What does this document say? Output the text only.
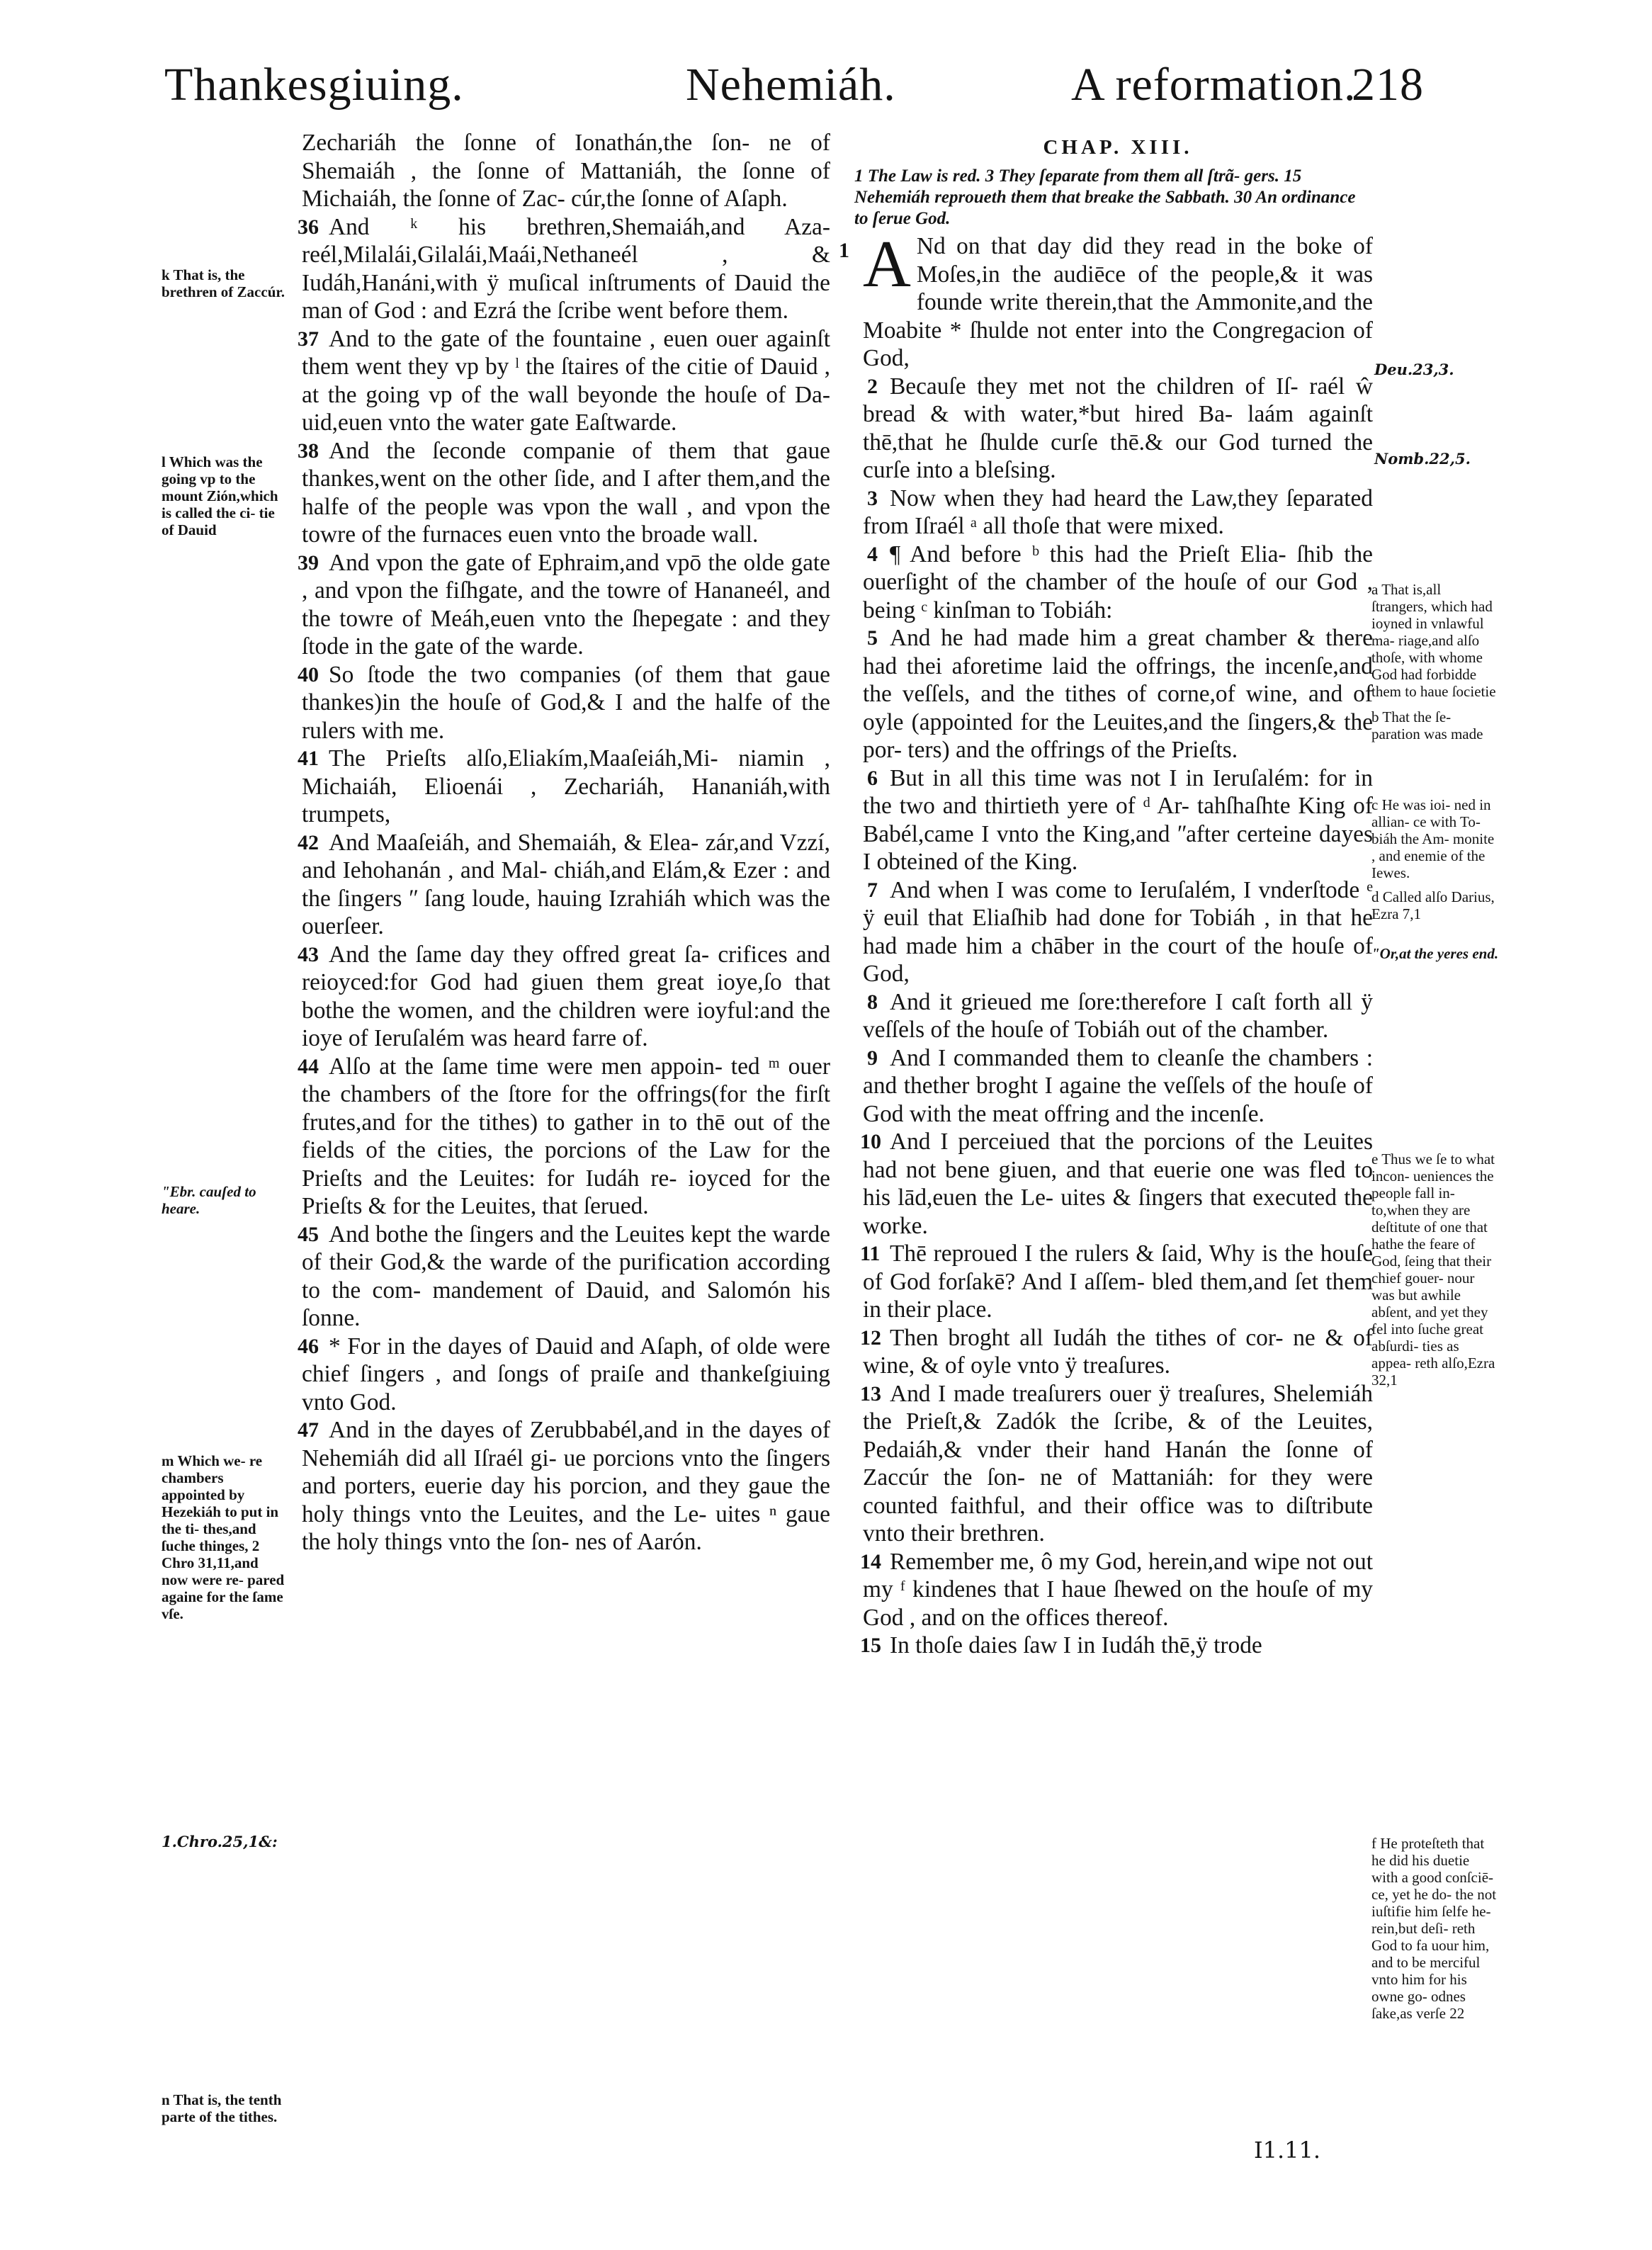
Thankesgiuing.	Nehemiáh.	A reformation.
218

Zechariáh the ſonne of Ionathán,the ſon- ne of Shemaiáh , the ſonne of Mattaniáh, the ſonne of Michaiáh, the ſonne of Zac- cúr,the ſonne of Aſaph.

36 And ᵏ his brethren,Shemaiáh,and Aza- reél,Milalái,Gilalái,Maái,Nethaneél , & Iudáh,Hanáni,with ÿ muſical inſtruments of Dauid the man of God : and Ezrá the ſcribe went before them.

37 And to the gate of the fountaine , euen ouer againſt them went they vp by ˡ the ſtaires of the citie of Dauid , at the going vp of the wall beyonde the houſe of Da- uid,euen vnto the water gate Eaſtwarde.

38 And the ſeconde companie of them that gaue thankes,went on the other ſide, and I after them,and the halfe of the people was vpon the wall , and vpon the towre of the furnaces euen vnto the broade wall.

39 And vpon the gate of Ephraim,and vpō the olde gate , and vpon the fiſhgate, and the towre of Hananeél, and the towre of Meáh,euen vnto the ſhepegate : and they ſtode in the gate of the warde.

40 So ſtode the two companies (of them that gaue thankes)in the houſe of God,& I and the halfe of the rulers with me.

41 The Prieſts alſo,Eliakím,Maaſeiáh,Mi- niamin , Michaiáh, Elioenái , Zechariáh, Hananiáh,with trumpets,

42 And Maaſeiáh, and Shemaiáh, & Elea- zár,and Vzzí, and Iehohanán , and Mal- chiáh,and Elám,& Ezer : and the ſingers ʺ ſang loude, hauing Izrahiáh which was the ouerſeer.

43 And the ſame day they offred great ſa- crifices and reioyced:for God had giuen them great ioye,ſo that bothe the women, and the children were ioyful:and the ioye of Ieruſalém was heard farre of.

44 Alſo at the ſame time were men appoin- ted ᵐ ouer the chambers of the ſtore for the offrings(for the firſt frutes,and for the tithes) to gather in to thē out of the fields of the cities, the porcions of the Law for the Prieſts and the Leuites: for Iudáh re- ioyced for the Prieſts & for the Leuites, that ſerued.

45 And bothe the ſingers and the Leuites kept the warde of their God,& the warde of the purification according to the com- mandement of Dauid, and Salomón his ſonne.

46 * For in the dayes of Dauid and Aſaph, of olde were chief ſingers , and ſongs of praiſe and thankeſgiuing vnto God.

47 And in the dayes of Zerubbabél,and in the dayes of Nehemiáh did all Iſraél gi- ue porcions vnto the ſingers and porters, euerie day his porcion, and they gaue the holy things vnto the Leuites, and the Le- uites ⁿ gaue the holy things vnto the ſon- nes of Aarón.

k That is, the brethren of Zaccúr.
l Which was the going vp to the mount Zión,which is called the ci- tie of Dauid
ʺEbr. cauſed to heare.
m Which we- re chambers appointed by Hezekiáh to put in the ti- thes,and ſuche thinges, 2 Chro 31,11,and now were re- pared againe for the ſame vſe.
1.Chro.25,1&:
n That is, the tenth parte of the tithes.

CHAP. XIII.

1 The Law is red. 3 They ſeparate from them all ſtrã- gers. 15 Nehemiáh reproueth them that breake the Sabbath. 30 An ordinance to ſerue God.

1 A Nd on that day did they read in the boke of Moſes,in the audiēce of the people,& it was founde write therein,that the Ammonite,and the Moabite * ſhulde not enter into the Congregacion of God,

2 Becauſe they met not the children of Iſ- raél ŵ bread & with water,*but hired Ba- laám againſt thē,that he ſhulde curſe thē.& our God turned the curſe into a bleſsing.

3 Now when they had heard the Law,they ſeparated from Iſraél ᵃ all thoſe that were mixed.

4 ¶ And before ᵇ this had the Prieſt Elia- ſhib the ouerſight of the chamber of the houſe of our God , being ᶜ kinſman to Tobiáh:

5 And he had made him a great chamber & there had thei aforetime laid the offrings, the incenſe,and the veſſels, and the tithes of corne,of wine, and of oyle (appointed for the Leuites,and the ſingers,& the por- ters) and the offrings of the Prieſts.

6 But in all this time was not I in Ieruſalém: for in the two and thirtieth yere of ᵈ Ar- tahſhaſhte King of Babél,came I vnto the King,and ʺafter certeine dayes I obteined of the King.

7 And when I was come to Ieruſalém, I vnderſtode ᵉ ÿ euil that Eliaſhib had done for Tobiáh , in that he had made him a chāber in the court of the houſe of God,

8 And it grieued me ſore:therefore I caſt forth all ÿ veſſels of the houſe of Tobiáh out of the chamber.

9 And I commanded them to cleanſe the chambers : and thether broght I againe the veſſels of the houſe of God with the meat offring and the incenſe.

10 And I perceiued that the porcions of the Leuites had not bene giuen, and that euerie one was fled to his lād,euen the Le- uites & ſingers that executed the worke.

11 Thē reproued I the rulers & ſaid, Why is the houſe of God forſakē? And I aſſem- bled them,and ſet them in their place.

12 Then broght all Iudáh the tithes of cor- ne & of wine, & of oyle vnto ÿ treaſures.

13 And I made treaſurers ouer ÿ treaſures, Shelemiáh the Prieſt,& Zadók the ſcribe, & of the Leuites, Pedaiáh,& vnder their hand Hanán the ſonne of Zaccúr the ſon- ne of Mattaniáh: for they were counted faithful, and their office was to diſtribute vnto their brethren.

14 Remember me, ô my God, herein,and wipe not out my ᶠ kindenes that I haue ſhewed on the houſe of my God , and on the offices thereof.

15 In thoſe daies ſaw I in Iudáh thē,ÿ trode

Deu.23,3.
Nomb.22,5.
a That is,all ſtrangers, which had ioyned in vnlawful ma- riage,and alſo thoſe, with whome God had forbidde them to haue ſocietie
b That the ſe- paration was made
c He was ioi- ned in allian- ce with To- biáh the Am- monite , and enemie of the Iewes.
d Called alſo Darius, Ezra 7,1
ʺOr,at the yeres end.
e Thus we ſe to what incon- ueniences the people fall in- to,when they are deſtitute of one that hathe the feare of God, ſeing that their chief gouer- nour was but awhile abſent, and yet they fel into ſuche great abſurdi- ties as appea- reth alſo,Ezra 32,1
f He proteſteth that he did his duetie with a good conſciē- ce, yet he do- the not iuſtifie him ſelfe he- rein,but deſi- reth God to fa uour him, and to be merciful vnto him for his owne go- odnes ſake,as verſe 22
I1.11.
